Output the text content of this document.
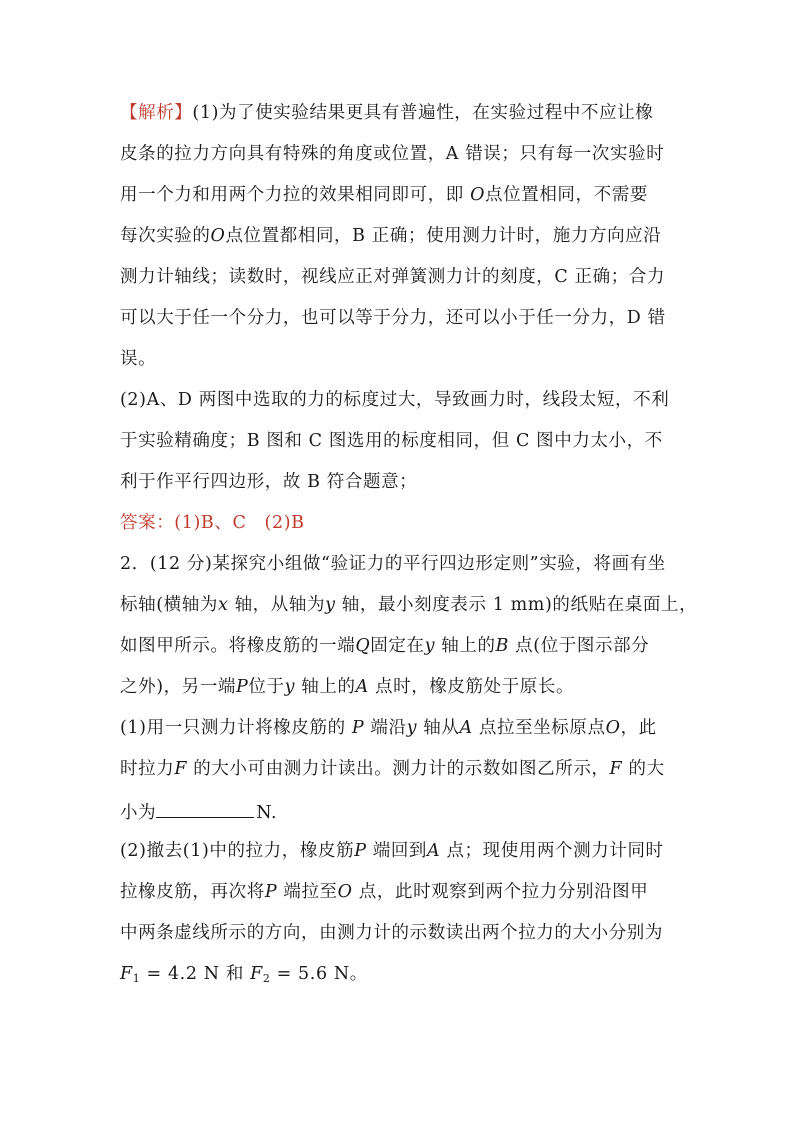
【解析】(1)为了使实验结果更具有普遍性，在实验过程中不应让橡
皮条的拉力方向具有特殊的角度或位置，A 错误；只有每一次实验时
用一个力和用两个力拉的效果相同即可，即 O点位置相同，不需要
每次实验的O点位置都相同，B 正确；使用测力计时，施力方向应沿
测力计轴线；读数时，视线应正对弹簧测力计的刻度，C 正确；合力
可以大于任一个分力，也可以等于分力，还可以小于任一分力，D 错
误。
(2)A、D 两图中选取的力的标度过大，导致画力时，线段太短，不利
于实验精确度；B 图和 C 图选用的标度相同，但 C 图中力太小，不
利于作平行四边形，故 B 符合题意；
答案：(1)B、C　(2)B
2．(12 分)某探究小组做“验证力的平行四边形定则”实验，将画有坐
标轴(横轴为x 轴，从轴为y 轴，最小刻度表示 1 mm)的纸贴在桌面上，
如图甲所示。将橡皮筋的一端Q固定在y 轴上的B 点(位于图示部分
之外)，另一端P位于y 轴上的A 点时，橡皮筋处于原长。
(1)用一只测力计将橡皮筋的 P 端沿y 轴从A 点拉至坐标原点O，此
时拉力F 的大小可由测力计读出。测力计的示数如图乙所示，F 的大
小为	N.
(2)撤去(1)中的拉力，橡皮筋P 端回到A 点；现使用两个测力计同时
拉橡皮筋，再次将P 端拉至O 点，此时观察到两个拉力分别沿图甲
中两条虚线所示的方向，由测力计的示数读出两个拉力的大小分别为
$F_1 = 4.2$ N 和 $F_2 = 5.6$ N。
